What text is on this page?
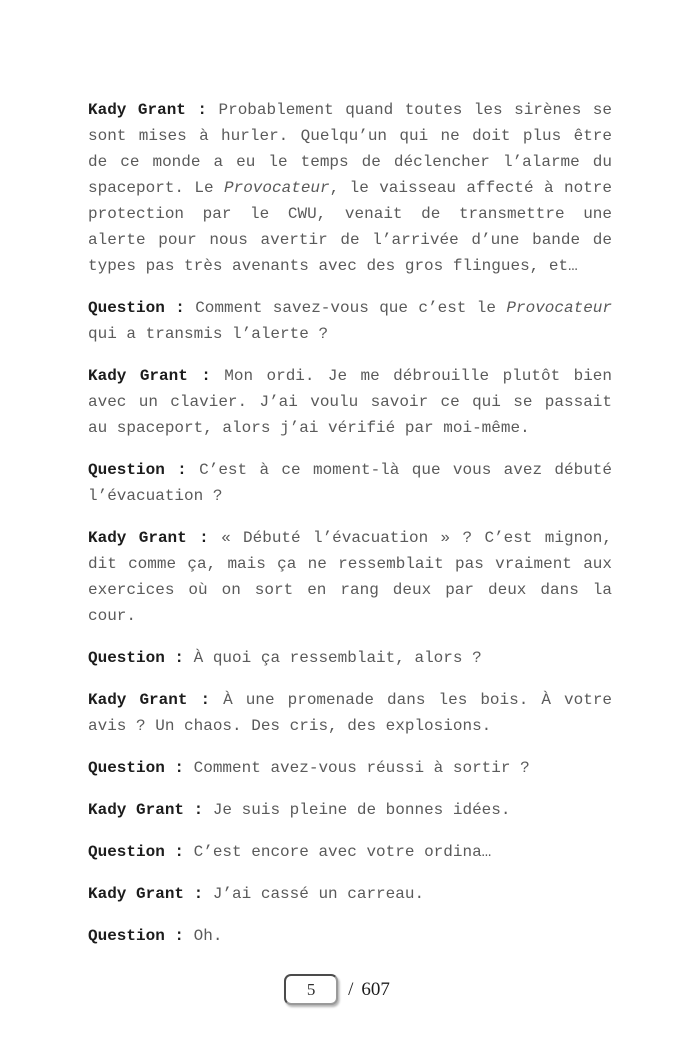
Kady Grant : Probablement quand toutes les sirènes se sont mises à hurler. Quelqu’un qui ne doit plus être de ce monde a eu le temps de déclencher l’alarme du spaceport. Le Provocateur, le vaisseau affecté à notre protection par le CWU, venait de transmettre une alerte pour nous avertir de l’arrivée d’une bande de types pas très avenants avec des gros flingues, et…

Question : Comment savez-vous que c’est le Provocateur qui a transmis l’alerte ?

Kady Grant : Mon ordi. Je me débrouille plutôt bien avec un clavier. J’ai voulu savoir ce qui se passait au spaceport, alors j’ai vérifié par moi-même.

Question : C’est à ce moment-là que vous avez débuté l’évacuation ?

Kady Grant : « Débuté l’évacuation » ? C’est mignon, dit comme ça, mais ça ne ressemblait pas vraiment aux exercices où on sort en rang deux par deux dans la cour.

Question : À quoi ça ressemblait, alors ?

Kady Grant : À une promenade dans les bois. À votre avis ? Un chaos. Des cris, des explosions.

Question : Comment avez-vous réussi à sortir ?

Kady Grant : Je suis pleine de bonnes idées.

Question : C’est encore avec votre ordina…

Kady Grant : J’ai cassé un carreau.

Question : Oh.

5
/ 607
